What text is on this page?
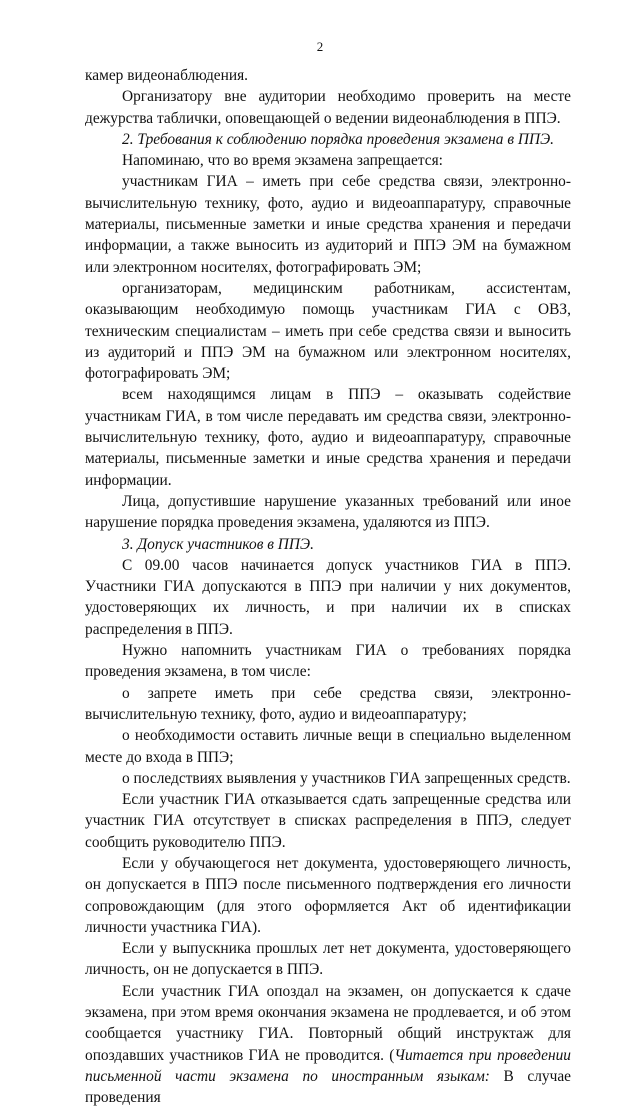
2

камер видеонаблюдения.

Организатору вне аудитории необходимо проверить на месте дежурства таблички, оповещающей о ведении видеонаблюдения в ППЭ.

2. Требования к соблюдению порядка проведения экзамена в ППЭ.

Напоминаю, что во время экзамена запрещается:

участникам ГИА – иметь при себе средства связи, электронно-вычислительную технику, фото, аудио и видеоаппаратуру, справочные материалы, письменные заметки и иные средства хранения и передачи информации, а также выносить из аудиторий и ППЭ ЭМ на бумажном или электронном носителях, фотографировать ЭМ;

организаторам, медицинским работникам, ассистентам, оказывающим необходимую помощь участникам ГИА с ОВЗ, техническим специалистам – иметь при себе средства связи и выносить из аудиторий и ППЭ ЭМ на бумажном или электронном носителях, фотографировать ЭМ;

всем находящимся лицам в ППЭ – оказывать содействие участникам ГИА, в том числе передавать им средства связи, электронно-вычислительную технику, фото, аудио и видеоаппаратуру, справочные материалы, письменные заметки и иные средства хранения и передачи информации.

Лица, допустившие нарушение указанных требований или иное нарушение порядка проведения экзамена, удаляются из ППЭ.

3. Допуск участников в ППЭ.

С 09.00 часов начинается допуск участников ГИА в ППЭ. Участники ГИА допускаются в ППЭ при наличии у них документов, удостоверяющих их личность, и при наличии их в списках распределения в ППЭ.

Нужно напомнить участникам ГИА о требованиях порядка проведения экзамена, в том числе:

о запрете иметь при себе средства связи, электронно-вычислительную технику, фото, аудио и видеоаппаратуру;

о необходимости оставить личные вещи в специально выделенном месте до входа в ППЭ;

о последствиях выявления у участников ГИА запрещенных средств.

Если участник ГИА отказывается сдать запрещенные средства или участник ГИА отсутствует в списках распределения в ППЭ, следует сообщить руководителю ППЭ.

Если у обучающегося нет документа, удостоверяющего личность, он допускается в ППЭ после письменного подтверждения его личности сопровождающим (для этого оформляется Акт об идентификации личности участника ГИА).

Если у выпускника прошлых лет нет документа, удостоверяющего личность, он не допускается в ППЭ.

Если участник ГИА опоздал на экзамен, он допускается к сдаче экзамена, при этом время окончания экзамена не продлевается, и об этом сообщается участнику ГИА. Повторный общий инструктаж для опоздавших участников ГИА не проводится. (Читается при проведении письменной части экзамена по иностранным языкам: В случае проведения
